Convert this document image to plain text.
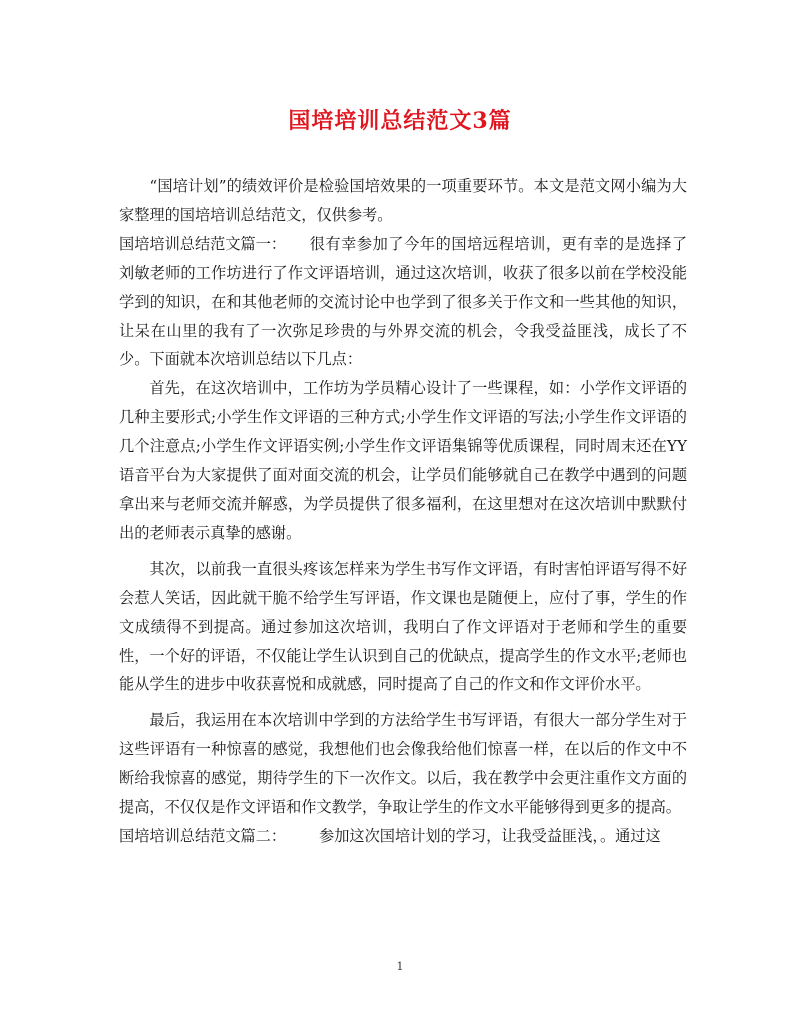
国培培训总结范文3篇

“国培计划”的绩效评价是检验国培效果的一项重要环节。本文是范文网小编为大家整理的国培培训总结范文，仅供参考。

国培培训总结范文篇一： 很有幸参加了今年的国培远程培训，更有幸的是选择了刘敏老师的工作坊进行了作文评语培训，通过这次培训，收获了很多以前在学校没能学到的知识，在和其他老师的交流讨论中也学到了很多关于作文和一些其他的知识，让呆在山里的我有了一次弥足珍贵的与外界交流的机会，令我受益匪浅，成长了不少。下面就本次培训总结以下几点：

首先，在这次培训中，工作坊为学员精心设计了一些课程，如：小学作文评语的几种主要形式;小学生作文评语的三种方式;小学生作文评语的写法;小学生作文评语的几个注意点;小学生作文评语实例;小学生作文评语集锦等优质课程，同时周末还在YY语音平台为大家提供了面对面交流的机会，让学员们能够就自己在教学中遇到的问题拿出来与老师交流并解惑，为学员提供了很多福利，在这里想对在这次培训中默默付出的老师表示真挚的感谢。

其次，以前我一直很头疼该怎样来为学生书写作文评语，有时害怕评语写得不好会惹人笑话，因此就干脆不给学生写评语，作文课也是随便上，应付了事，学生的作文成绩得不到提高。通过参加这次培训，我明白了作文评语对于老师和学生的重要性，一个好的评语，不仅能让学生认识到自己的优缺点，提高学生的作文水平;老师也能从学生的进步中收获喜悦和成就感，同时提高了自己的作文和作文评价水平。

最后，我运用在本次培训中学到的方法给学生书写评语，有很大一部分学生对于这些评语有一种惊喜的感觉，我想他们也会像我给他们惊喜一样，在以后的作文中不断给我惊喜的感觉，期待学生的下一次作文。以后，我在教学中会更注重作文方面的提高，不仅仅是作文评语和作文教学，争取让学生的作文水平能够得到更多的提高。

国培培训总结范文篇二： 参加这次国培计划的学习，让我受益匪浅，。通过这

1
